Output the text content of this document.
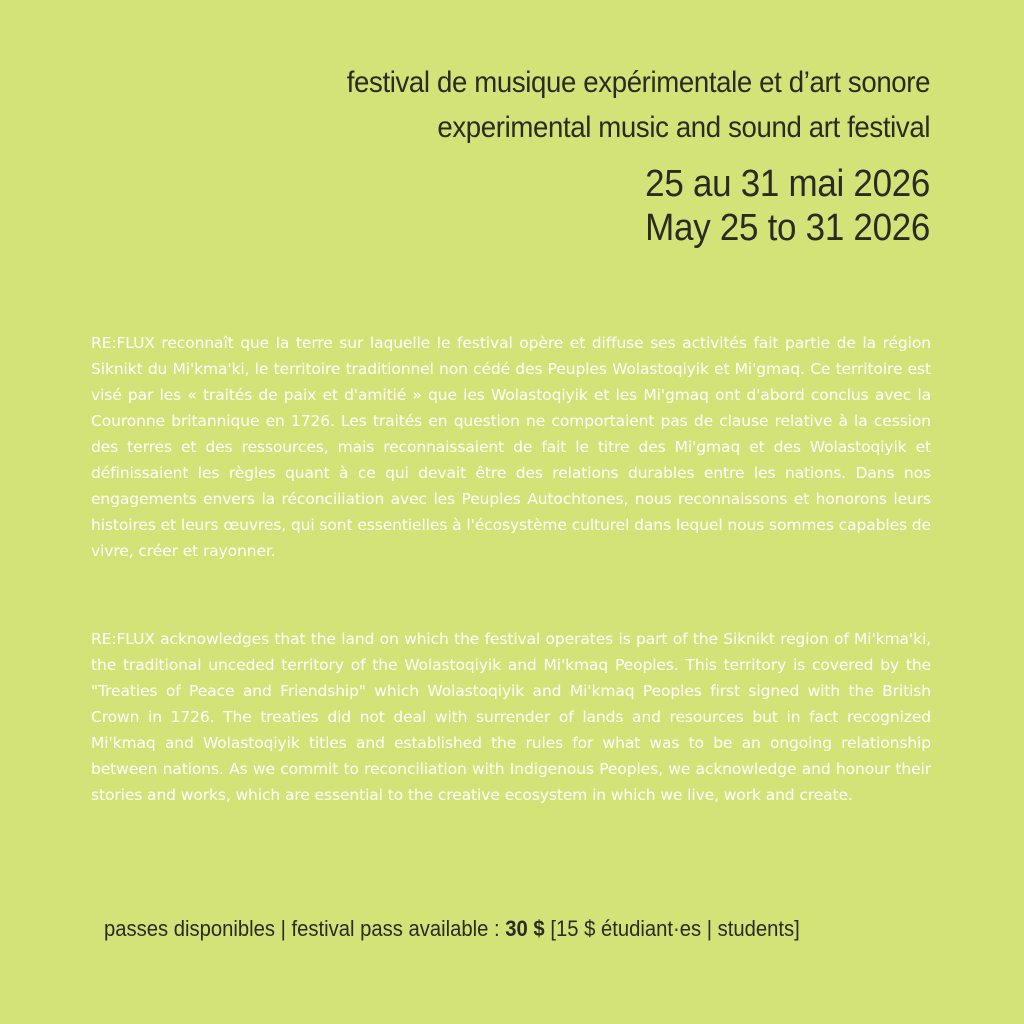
festival de musique expérimentale et d’art sonore
experimental music and sound art festival
25 au 31 mai 2026
May 25 to 31 2026

RE:FLUX reconnaît que la terre sur laquelle le festival opère et diffuse ses activités fait partie de la région Siknikt du Mi'kma'ki, le territoire traditionnel non cédé des Peuples Wolastoqiyik et Mi'gmaq. Ce territoire est visé par les « traités de paix et d'amitié » que les Wolastoqiyik et les Mi'gmaq ont d'abord conclus avec la Couronne britannique en 1726. Les traités en question ne comportaient pas de clause relative à la cession des terres et des ressources, mais reconnaissaient de fait le titre des Mi'gmaq et des Wolastoqiyik et définissaient les règles quant à ce qui devait être des relations durables entre les nations. Dans nos engagements envers la réconciliation avec les Peuples Autochtones, nous reconnaissons et honorons leurs histoires et leurs œuvres, qui sont essentielles à l'écosystème culturel dans lequel nous sommes capables de vivre, créer et rayonner.

RE:FLUX acknowledges that the land on which the festival operates is part of the Siknikt region of Mi'kma'ki, the traditional unceded territory of the Wolastoqiyik and Mi'kmaq Peoples. This territory is covered by the "Treaties of Peace and Friendship" which Wolastoqiyik and Mi'kmaq Peoples first signed with the British Crown in 1726. The treaties did not deal with surrender of lands and resources but in fact recognized Mi'kmaq and Wolastoqiyik titles and established the rules for what was to be an ongoing relationship between nations. As we commit to reconciliation with Indigenous Peoples, we acknowledge and honour their stories and works, which are essential to the creative ecosystem in which we live, work and create.

passes disponibles | festival pass available : 30 $ [15 $ étudiant·es | students]
